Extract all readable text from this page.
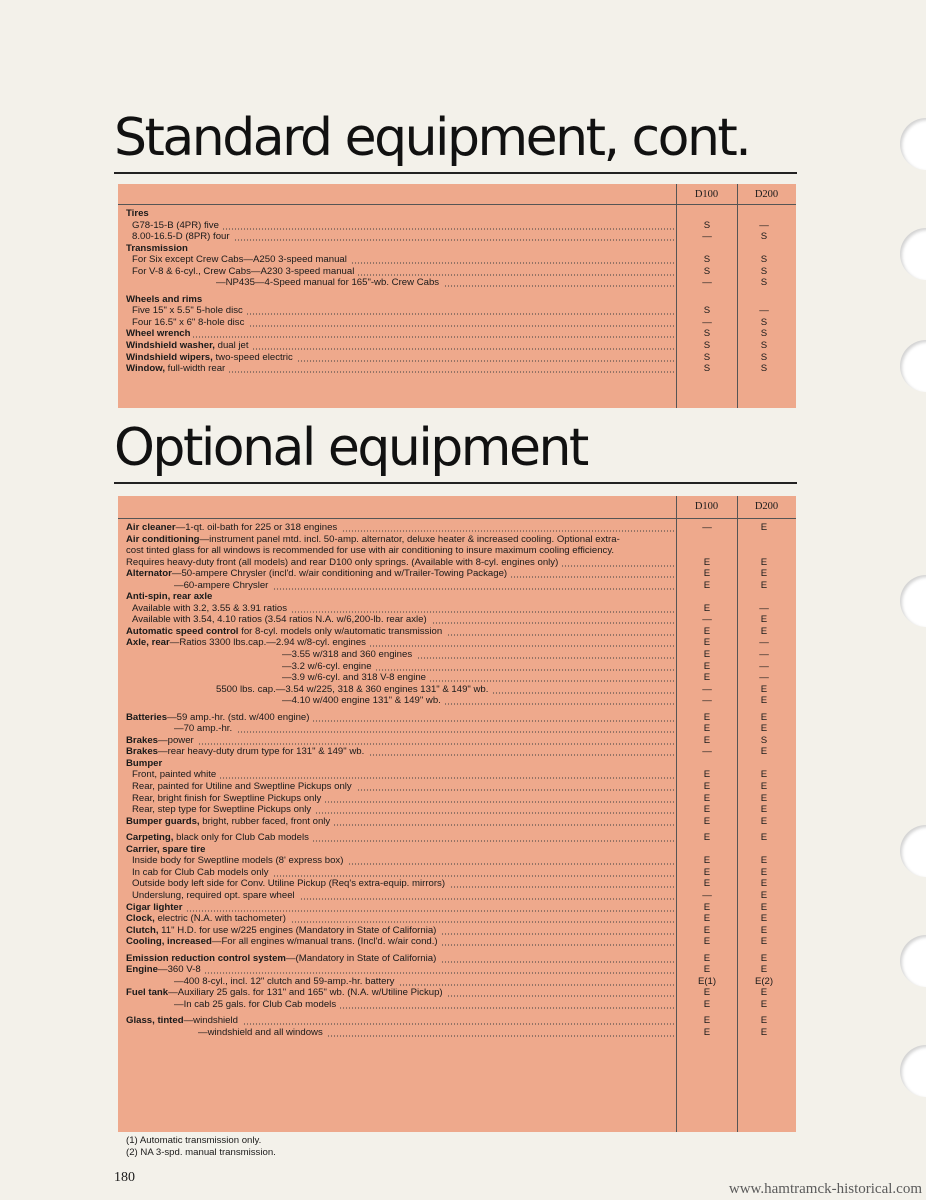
Standard equipment, cont.
D100	D200
Tires
G78-15-B (4PR) five	S	—
8.00-16.5-D (8PR) four	—	S
Transmission
For Six except Crew Cabs—A250 3-speed manual	S	S
For V-8 & 6-cyl., Crew Cabs—A230 3-speed manual	S	S
—NP435—4-Speed manual for 165"-wb. Crew Cabs	—	S
Wheels and rims
Five 15" x 5.5" 5-hole disc	S	—
Four 16.5" x 6" 8-hole disc	—	S
Wheel wrench	S	S
Windshield washer, dual jet	S	S
Windshield wipers, two-speed electric	S	S
Window, full-width rear	S	S
Optional equipment
D100	D200
Air cleaner—1-qt. oil-bath for 225 or 318 engines	—	E
Air conditioning—instrument panel mtd. incl. 50-amp. alternator, deluxe heater & increased cooling. Optional extra-
cost tinted glass for all windows is recommended for use with air conditioning to insure maximum cooling efficiency.
Requires heavy-duty front (all models) and rear D100 only springs. (Available with 8-cyl. engines only)	E	E
Alternator—50-ampere Chrysler (incl'd. w/air conditioning and w/Trailer-Towing Package)	E	E
—60-ampere Chrysler	E	E
Anti-spin, rear axle
Available with 3.2, 3.55 & 3.91 ratios	E	—
Available with 3.54, 4.10 ratios (3.54 ratios N.A. w/6,200-lb. rear axle)	—	E
Automatic speed control for 8-cyl. models only w/automatic transmission	E	E
Axle, rear—Ratios 3300 lbs.cap.—2.94 w/8-cyl. engines	E	—
—3.55 w/318 and 360 engines	E	—
—3.2 w/6-cyl. engine	E	—
—3.9 w/6-cyl. and 318 V-8 engine	E	—
5500 lbs. cap.—3.54 w/225, 318 & 360 engines 131" & 149" wb.	—	E
—4.10 w/400 engine 131" & 149" wb.	—	E
Batteries—59 amp.-hr. (std. w/400 engine)	E	E
—70 amp.-hr.	E	E
Brakes—power	E	S
Brakes—rear heavy-duty drum type for 131" & 149" wb.	—	E
Bumper
Front, painted white	E	E
Rear, painted for Utiline and Sweptline Pickups only	E	E
Rear, bright finish for Sweptline Pickups only	E	E
Rear, step type for Sweptline Pickups only	E	E
Bumper guards, bright, rubber faced, front only	E	E
Carpeting, black only for Club Cab models	E	E
Carrier, spare tire
Inside body for Sweptline models (8' express box)	E	E
In cab for Club Cab models only	E	E
Outside body left side for Conv. Utiline Pickup (Req's extra-equip. mirrors)	E	E
Underslung, required opt. spare wheel	—	E
Cigar lighter	E	E
Clock, electric (N.A. with tachometer)	E	E
Clutch, 11" H.D. for use w/225 engines (Mandatory in State of California)	E	E
Cooling, increased—For all engines w/manual trans. (Incl'd. w/air cond.)	E	E
Emission reduction control system—(Mandatory in State of California)	E	E
Engine—360 V-8	E	E
—400 8-cyl., incl. 12" clutch and 59-amp.-hr. battery	E(1)	E(2)
Fuel tank—Auxiliary 25 gals. for 131" and 165" wb. (N.A. w/Utiline Pickup)	E	E
—In cab 25 gals. for Club Cab models	E	E
Glass, tinted—windshield	E	E
—windshield and all windows	E	E
(1) Automatic transmission only.
(2) NA 3-spd. manual transmission.
180
www.hamtramck-historical.com
